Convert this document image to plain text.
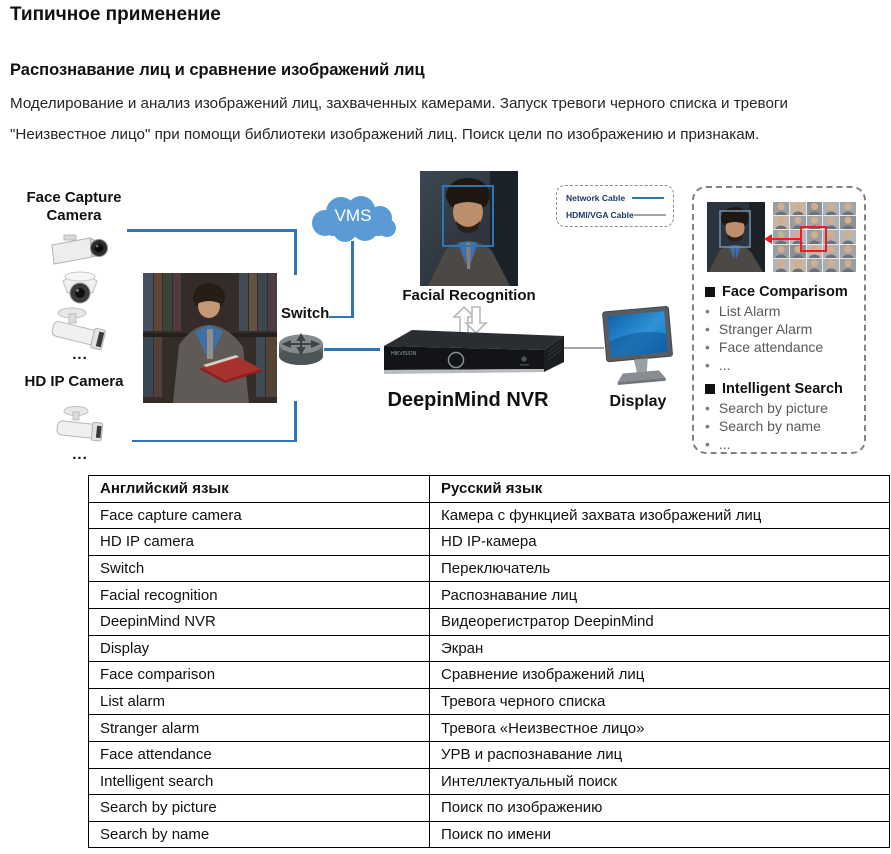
Типичное применение
Распознавание лиц и сравнение изображений лиц
Моделирование и анализ изображений лиц, захваченных камерами. Запуск тревоги черного списка и тревоги
"Неизвестное лицо" при помощи библиотеки изображений лиц. Поиск цели по изображению и признакам.
Face Capture Camera
...
HD IP Camera
...
VMS
Switch
Facial Recognition
HIKVISION
DeepinMind NVR	Display
Network Cable
HDMI/VGA Cable
Face Comparisom
• List Alarm
• Stranger Alarm
• Face attendance
• ...
Intelligent Search
• Search by picture
• Search by name
• ...
Английский язык	Русский язык
Face capture camera	Камера с функцией захвата изображений лиц
HD IP camera	HD IP-камера
Switch	Переключатель
Facial recognition	Распознавание лиц
DeepinMind NVR	Видеорегистратор DeepinMind
Display	Экран
Face comparison	Сравнение изображений лиц
List alarm	Тревога черного списка
Stranger alarm	Тревога «Неизвестное лицо»
Face attendance	УРВ и распознавание лиц
Intelligent search	Интеллектуальный поиск
Search by picture	Поиск по изображению
Search by name	Поиск по имени
